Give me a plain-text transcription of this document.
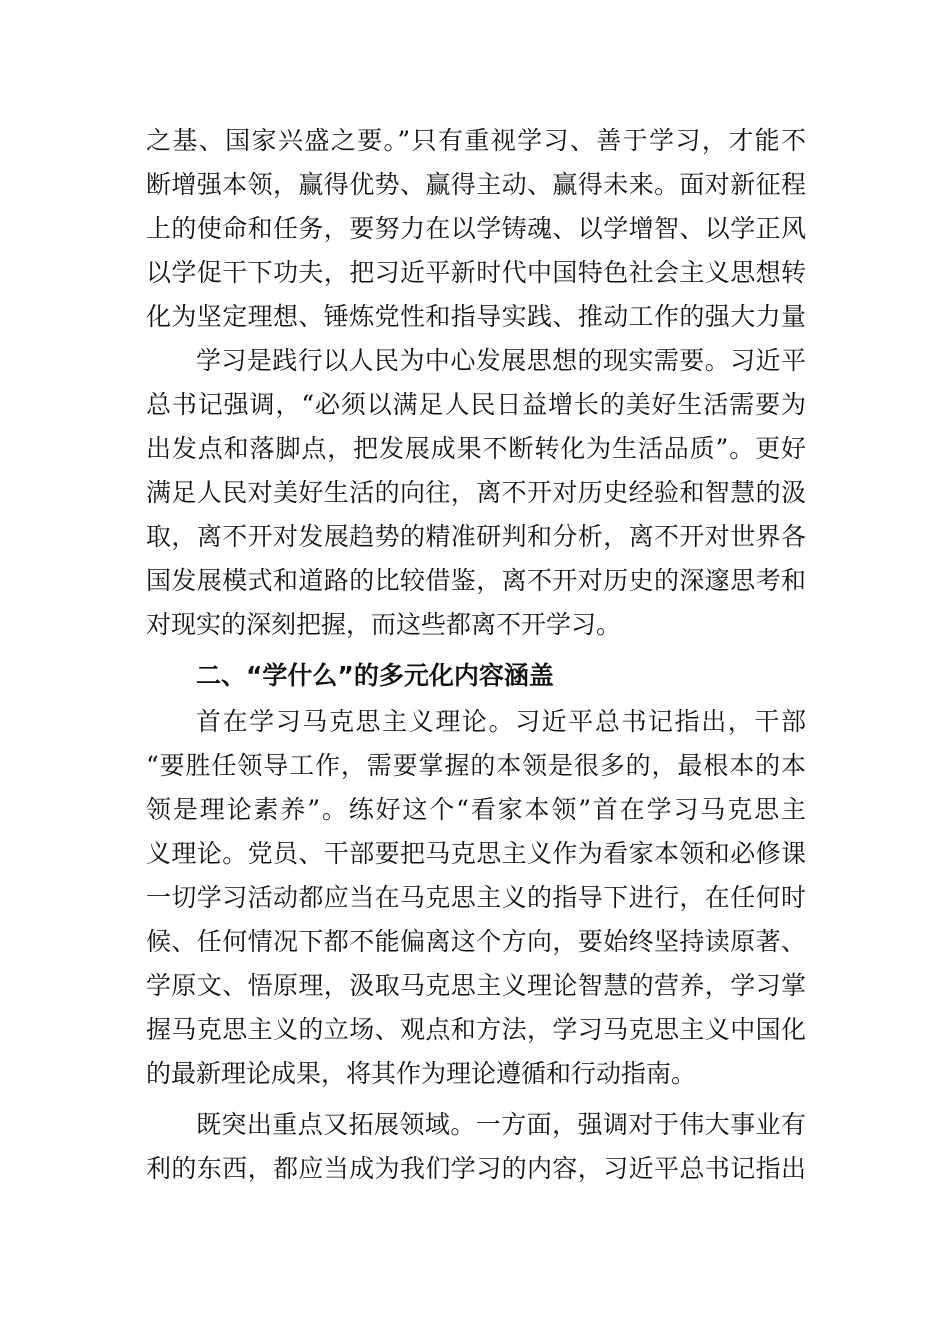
之基、国家兴盛之要。”只有重视学习、善于学习，才能不
断增强本领，赢得优势、赢得主动、赢得未来。面对新征程
上的使命和任务，要努力在以学铸魂、以学增智、以学正风
以学促干下功夫，把习近平新时代中国特色社会主义思想转
化为坚定理想、锤炼党性和指导实践、推动工作的强大力量
学习是践行以人民为中心发展思想的现实需要。习近平
总书记强调，“必须以满足人民日益增长的美好生活需要为
出发点和落脚点，把发展成果不断转化为生活品质”。更好
满足人民对美好生活的向往，离不开对历史经验和智慧的汲
取，离不开对发展趋势的精准研判和分析，离不开对世界各
国发展模式和道路的比较借鉴，离不开对历史的深邃思考和
对现实的深刻把握，而这些都离不开学习。
二、“学什么”的多元化内容涵盖
首在学习马克思主义理论。习近平总书记指出，干部
“要胜任领导工作，需要掌握的本领是很多的，最根本的本
领是理论素养”。练好这个“看家本领”首在学习马克思主
义理论。党员、干部要把马克思主义作为看家本领和必修课
一切学习活动都应当在马克思主义的指导下进行，在任何时
候、任何情况下都不能偏离这个方向，要始终坚持读原著、
学原文、悟原理，汲取马克思主义理论智慧的营养，学习掌
握马克思主义的立场、观点和方法，学习马克思主义中国化
的最新理论成果，将其作为理论遵循和行动指南。
既突出重点又拓展领域。一方面，强调对于伟大事业有
利的东西，都应当成为我们学习的内容，习近平总书记指出
